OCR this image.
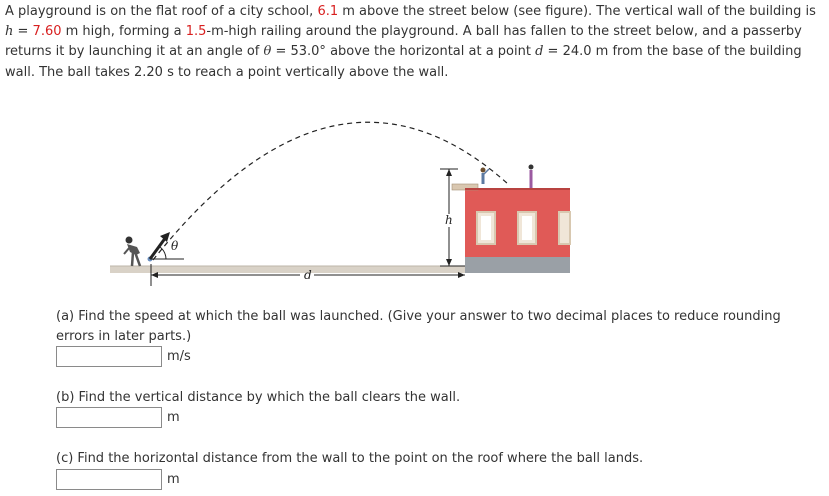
A playground is on the flat roof of a city school, 6.1 m above the street below (see figure). The vertical wall of the building is h = 7.60 m high, forming a 1.5-m-high railing around the playground. A ball has fallen to the street below, and a passerby returns it by launching it at an angle of θ = 53.0° above the horizontal at a point d = 24.0 m from the base of the building wall. The ball takes 2.20 s to reach a point vertically above the wall.
θ
d
h
(a) Find the speed at which the ball was launched. (Give your answer to two decimal places to reduce rounding errors in later parts.)
m/s
(b) Find the vertical distance by which the ball clears the wall.
m
(c) Find the horizontal distance from the wall to the point on the roof where the ball lands.
m
